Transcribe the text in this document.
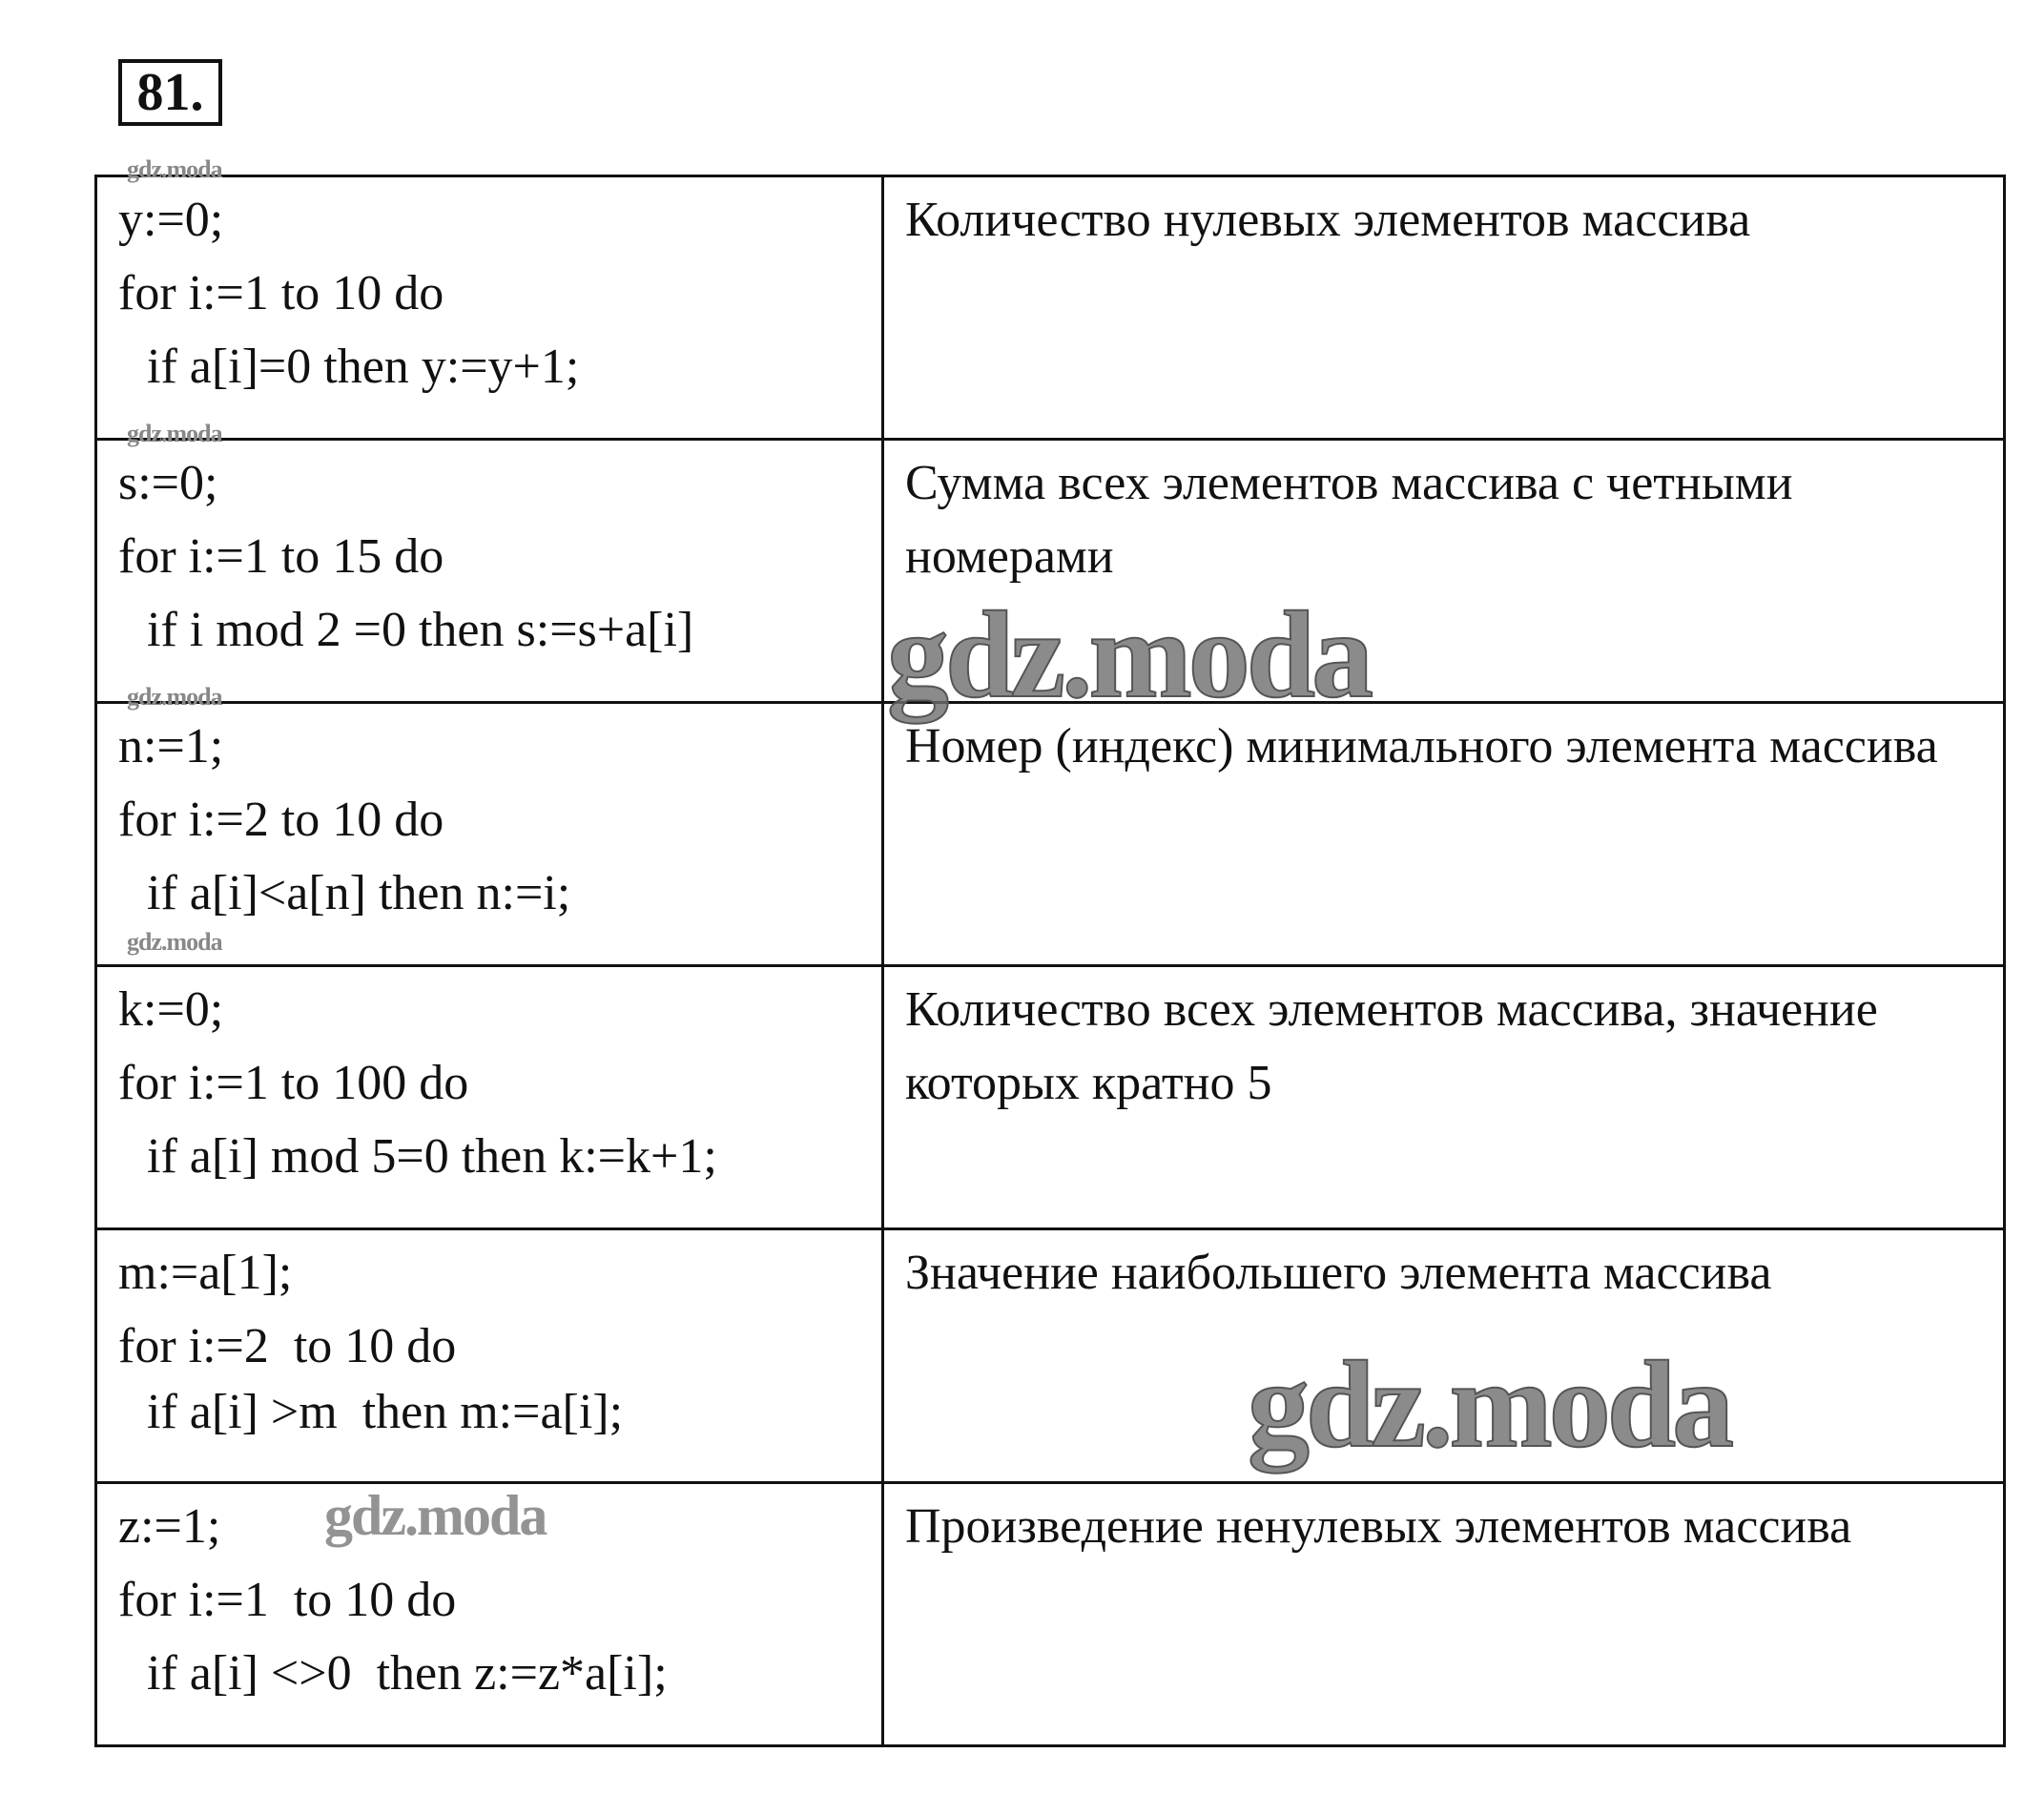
81.
y:=0;
for i:=1 to 10 do
if a[i]=0 then y:=y+1;	Количество нулевых элементов массива

s:=0;
for i:=1 to 15 do
if i mod 2 =0 then s:=s+a[i]	Сумма всех элементов массива с четными номерами

n:=1;
for i:=2 to 10 do
if a[i]<a[n] then n:=i;	Номер (индекс) минимального элемента массива

k:=0;
for i:=1 to 100 do
if a[i] mod 5=0 then k:=k+1;	Количество всех элементов массива, значение которых кратно 5

m:=a[1];
for i:=2  to 10 do
if a[i] >m  then m:=a[i];	Значение наибольшего элемента массива

z:=1;
for i:=1  to 10 do
if a[i] <>0  then z:=z*a[i];	Произведение ненулевых элементов массива
gdz.moda
gdz.moda
gdz.moda
gdz.moda
gdz.moda
gdz.moda
gdz.moda
